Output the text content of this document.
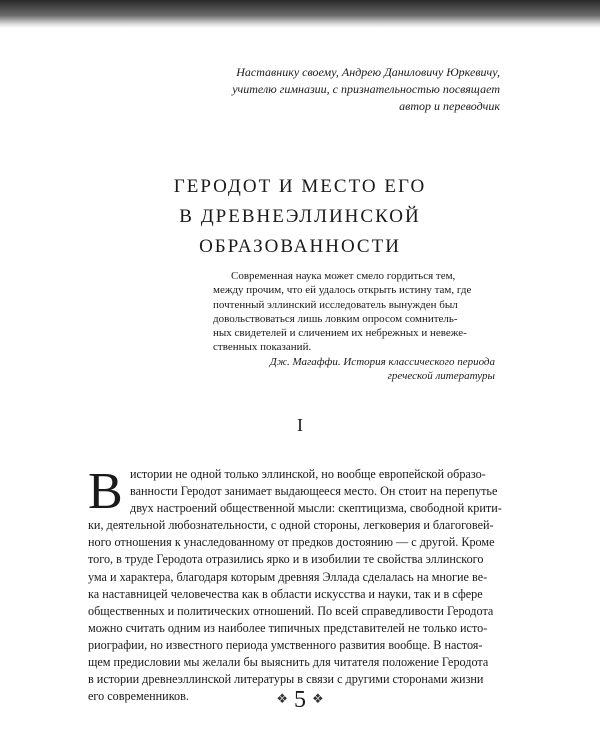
Наставнику своему, Андрею Даниловичу Юркевичу,
учителю гимназии, с признательностью посвящает
автор и переводчик
ГЕРОДОТ И МЕСТО ЕГО
В ДРЕВНЕЭЛЛИНСКОЙ
ОБРАЗОВАННОСТИ
Современная наука может смело гордиться тем,
между прочим, что ей удалось открыть истину там, где
почтенный эллинский исследователь вынужден был
довольствоваться лишь ловким опросом сомнитель-
ных свидетелей и сличением их небрежных и невеже-
ственных показаний.
Дж. Магаффи. История классического периода
греческой литературы
I
В истории не одной только эллинской, но вообще европейской образо-
ванности Геродот занимает выдающееся место. Он стоит на перепутье
двух настроений общественной мысли: скептицизма, свободной крити-
ки, деятельной любознательности, с одной стороны, легковерия и благоговей-
ного отношения к унаследованному от предков достоянию — с другой. Кроме
того, в труде Геродота отразились ярко и в изобилии те свойства эллинского
ума и характера, благодаря которым древняя Эллада сделалась на многие ве-
ка наставницей человечества как в области искусства и науки, так и в сфере
общественных и политических отношений. По всей справедливости Геродота
можно считать одним из наиболее типичных представителей не только исто-
риографии, но известного периода умственного развития вообще. В настоя-
щем предисловии мы желали бы выяснить для читателя положение Геродота
в истории древнеэллинской литературы в связи с другими сторонами жизни
его современников.	❖ 5 ❖
